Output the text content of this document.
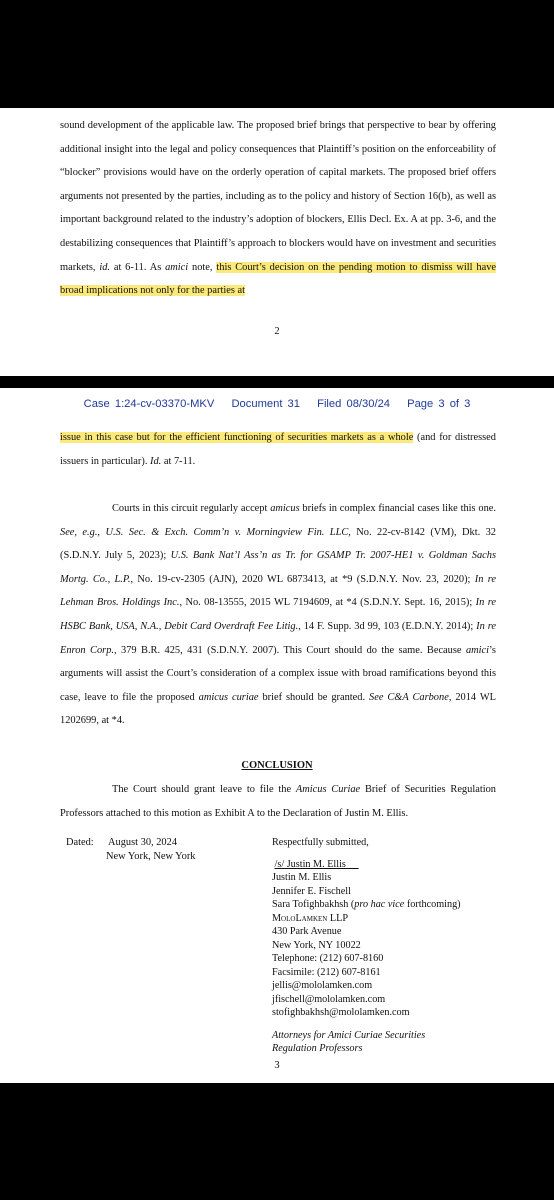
sound development of the applicable law. The proposed brief brings that perspective to bear by offering additional insight into the legal and policy consequences that Plaintiff’s position on the enforceability of “blocker” provisions would have on the orderly operation of capital markets. The proposed brief offers arguments not presented by the parties, including as to the policy and history of Section 16(b), as well as important background related to the industry’s adoption of blockers, Ellis Decl. Ex. A at pp. 3-6, and the destabilizing consequences that Plaintiff’s approach to blockers would have on investment and securities markets, id. at 6-11. As amici note, this Court’s decision on the pending motion to dismiss will have broad implications not only for the parties at
2
Case 1:24-cv-03370-MKV Document 31 Filed 08/30/24 Page 3 of 3
issue in this case but for the efficient functioning of securities markets as a whole (and for distressed issuers in particular). Id. at 7-11.
Courts in this circuit regularly accept amicus briefs in complex financial cases like this one. See, e.g., U.S. Sec. & Exch. Comm’n v. Morningview Fin. LLC, No. 22-cv-8142 (VM), Dkt. 32 (S.D.N.Y. July 5, 2023); U.S. Bank Nat’l Ass’n as Tr. for GSAMP Tr. 2007-HE1 v. Goldman Sachs Mortg. Co., L.P., No. 19-cv-2305 (AJN), 2020 WL 6873413, at *9 (S.D.N.Y. Nov. 23, 2020); In re Lehman Bros. Holdings Inc., No. 08-13555, 2015 WL 7194609, at *4 (S.D.N.Y. Sept. 16, 2015); In re HSBC Bank, USA, N.A., Debit Card Overdraft Fee Litig., 14 F. Supp. 3d 99, 103 (E.D.N.Y. 2014); In re Enron Corp., 379 B.R. 425, 431 (S.D.N.Y. 2007). This Court should do the same. Because amici’s arguments will assist the Court’s consideration of a complex issue with broad ramifications beyond this case, leave to file the proposed amicus curiae brief should be granted. See C&A Carbone, 2014 WL 1202699, at *4.
CONCLUSION
The Court should grant leave to file the Amicus Curiae Brief of Securities Regulation Professors attached to this motion as Exhibit A to the Declaration of Justin M. Ellis.
Dated: August 30, 2024
New York, New York
Respectfully submitted,
/s/ Justin M. Ellis
Justin M. Ellis
Jennifer E. Fischell
Sara Tofighbakhsh (pro hac vice forthcoming)
MoloLamken LLP
430 Park Avenue
New York, NY 10022
Telephone: (212) 607-8160
Facsimile: (212) 607-8161
jellis@mololamken.com
jfischell@mololamken.com
stofighbakhsh@mololamken.com
Attorneys for Amici Curiae Securities
Regulation Professors
3
